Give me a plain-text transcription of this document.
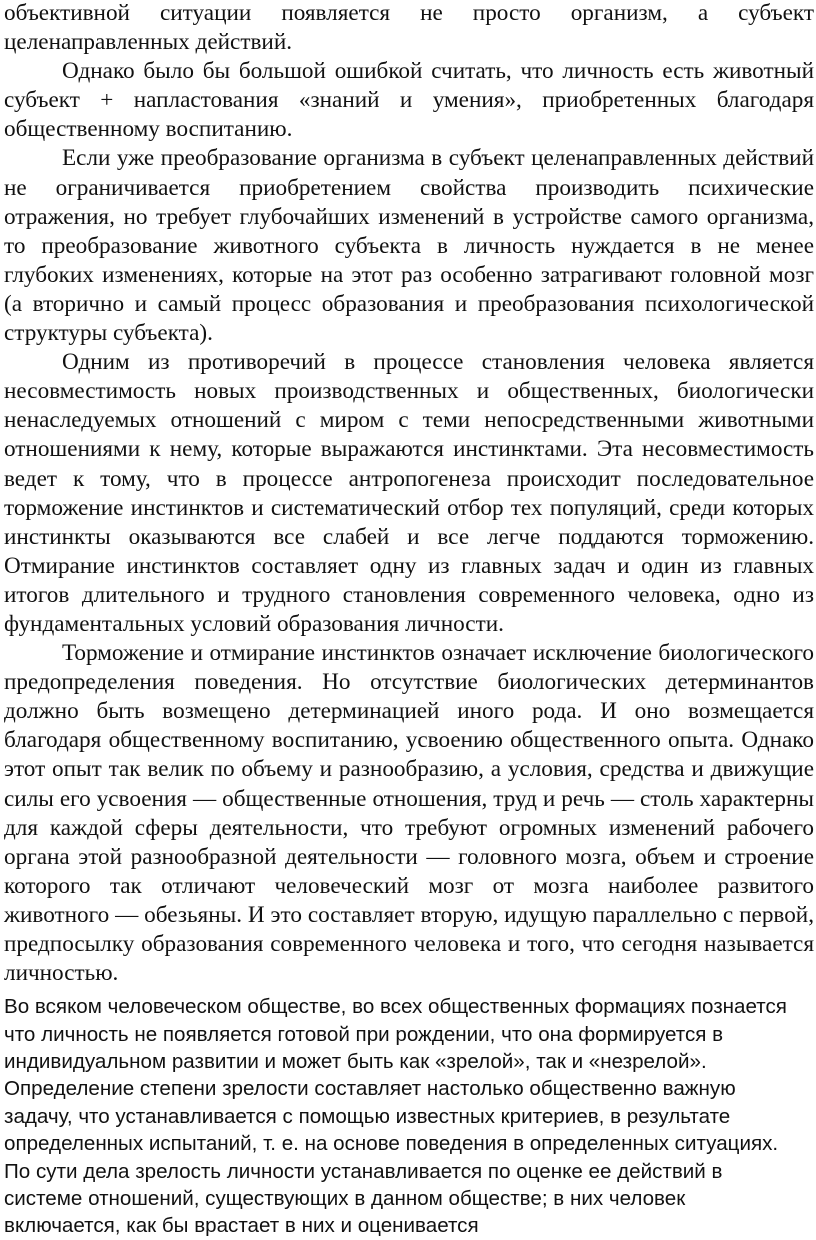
объективной ситуации появляется не просто организм, а субъект целенаправленных действий.

Однако было бы большой ошибкой считать, что личность есть животный субъект + напластования «знаний и умения», приобретенных благодаря общественному воспитанию.

Если уже преобразование организма в субъект целенаправленных действий не ограничивается приобретением свойства производить психические отражения, но требует глубочайших изменений в устройстве самого организма, то преобразование животного субъекта в личность нуждается в не менее глубоких изменениях, которые на этот раз особенно затрагивают головной мозг (а вторично и самый процесс образования и преобразования психологической структуры субъекта).

Одним из противоречий в процессе становления человека является несовместимость новых производственных и общественных, биологически ненаследуемых отношений с миром с теми непосредственными животными отношениями к нему, которые выражаются инстинктами. Эта несовместимость ведет к тому, что в процессе антропогенеза происходит последовательное торможение инстинктов и систематический отбор тех популяций, среди которых инстинкты оказываются все слабей и все легче поддаются торможению. Отмирание инстинктов составляет одну из главных задач и один из главных итогов длительного и трудного становления современного человека, одно из фундаментальных условий образования личности.

Торможение и отмирание инстинктов означает исключение биологического предопределения поведения. Но отсутствие биологических детерминантов должно быть возмещено детерминацией иного рода. И оно возмещается благодаря общественному воспитанию, усвоению общественного опыта. Однако этот опыт так велик по объему и разнообразию, а условия, средства и движущие силы его усвоения — общественные отношения, труд и речь — столь характерны для каждой сферы деятельности, что требуют огромных изменений рабочего органа этой разнообразной деятельности — головного мозга, объем и строение которого так отличают человеческий мозг от мозга наиболее развитого животного — обезьяны. И это составляет вторую, идущую параллельно с первой, предпосылку образования современного человека и того, что сегодня называется личностью.

Во всяком человеческом обществе, во всех общественных формациях познается что личность не появляется готовой при рождении, что она формируется в индивидуальном развитии и может быть как «зрелой», так и «незрелой». Определение степени зрелости составляет настолько общественно важную задачу, что устанавливается с помощью известных критериев, в результате определенных испытаний, т. е. на основе поведения в определенных ситуациях. По сути дела зрелость личности устанавливается по оценке ее действий в системе отношений, существующих в данном обществе; в них человек включается, как бы врастает в них и оценивается
